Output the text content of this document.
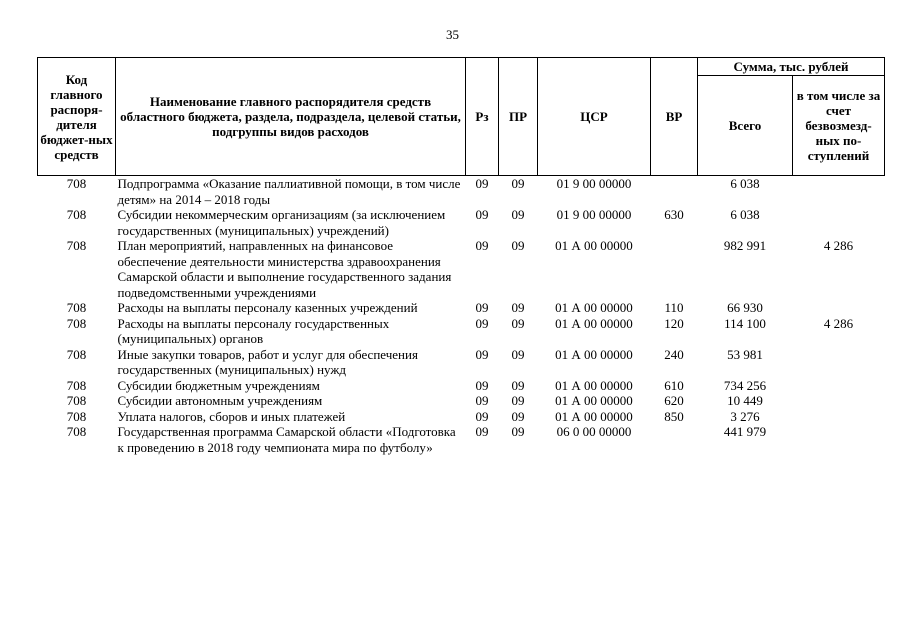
35
Код главного распоря-дителя бюджет-ных средств	Наименование главного распорядителя средств областного бюджета, раздела, подраздела, целевой статьи, подгруппы видов расходов	Рз	ПР	ЦСР	ВР	Сумма, тыс. рублей	
						Всего	в том числе за счет безвозмезд-ных по-ступлений
708	Подпрограмма «Оказание паллиативной помощи, в том числе детям» на 2014 – 2018 годы	09	09	01 9 00 00000		6 038	
708	Субсидии некоммерческим организациям (за исключением государственных (муниципальных) учреждений)	09	09	01 9 00 00000	630	6 038	
708	План мероприятий, направленных на финансовое обеспечение деятельности министерства здравоохранения Самарской области и выполнение государственного задания подведомственными учреждениями	09	09	01 А 00 00000		982 991	4 286
708	Расходы на выплаты персоналу казенных учреждений	09	09	01 А 00 00000	110	66 930	
708	Расходы на выплаты персоналу государственных (муниципальных) органов	09	09	01 А 00 00000	120	114 100	4 286
708	Иные закупки товаров, работ и услуг для обеспечения государственных (муниципальных) нужд	09	09	01 А 00 00000	240	53 981	
708	Субсидии бюджетным учреждениям	09	09	01 А 00 00000	610	734 256	
708	Субсидии автономным учреждениям	09	09	01 А 00 00000	620	10 449	
708	Уплата налогов, сборов и иных платежей	09	09	01 А 00 00000	850	3 276	
708	Государственная программа Самарской области «Подготовка к проведению в 2018 году чемпионата мира по футболу»	09	09	06 0 00 00000		441 979	
